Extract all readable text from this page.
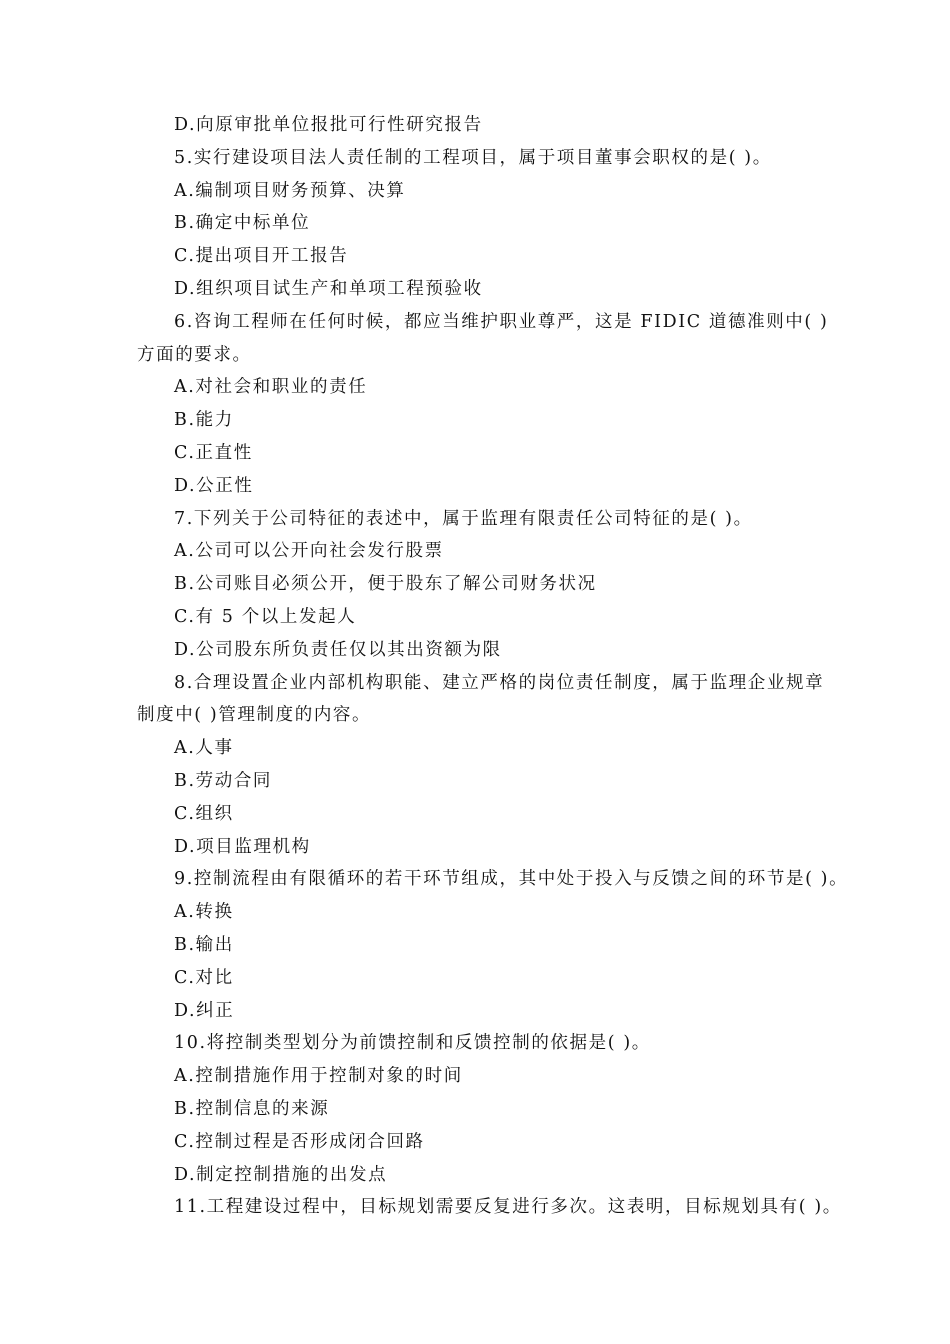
D.向原审批单位报批可行性研究报告
5.实行建设项目法人责任制的工程项目，属于项目董事会职权的是( )。
A.编制项目财务预算、决算
B.确定中标单位
C.提出项目开工报告
D.组织项目试生产和单项工程预验收
6.咨询工程师在任何时候，都应当维护职业尊严，这是 FIDIC 道德准则中( )
方面的要求。
A.对社会和职业的责任
B.能力
C.正直性
D.公正性
7.下列关于公司特征的表述中，属于监理有限责任公司特征的是( )。
A.公司可以公开向社会发行股票
B.公司账目必须公开，便于股东了解公司财务状况
C.有 5 个以上发起人
D.公司股东所负责任仅以其出资额为限
8.合理设置企业内部机构职能、建立严格的岗位责任制度，属于监理企业规章
制度中( )管理制度的内容。
A.人事
B.劳动合同
C.组织
D.项目监理机构
9.控制流程由有限循环的若干环节组成，其中处于投入与反馈之间的环节是( )。
A.转换
B.输出
C.对比
D.纠正
10.将控制类型划分为前馈控制和反馈控制的依据是( )。
A.控制措施作用于控制对象的时间
B.控制信息的来源
C.控制过程是否形成闭合回路
D.制定控制措施的出发点
11.工程建设过程中，目标规划需要反复进行多次。这表明，目标规划具有( )。
